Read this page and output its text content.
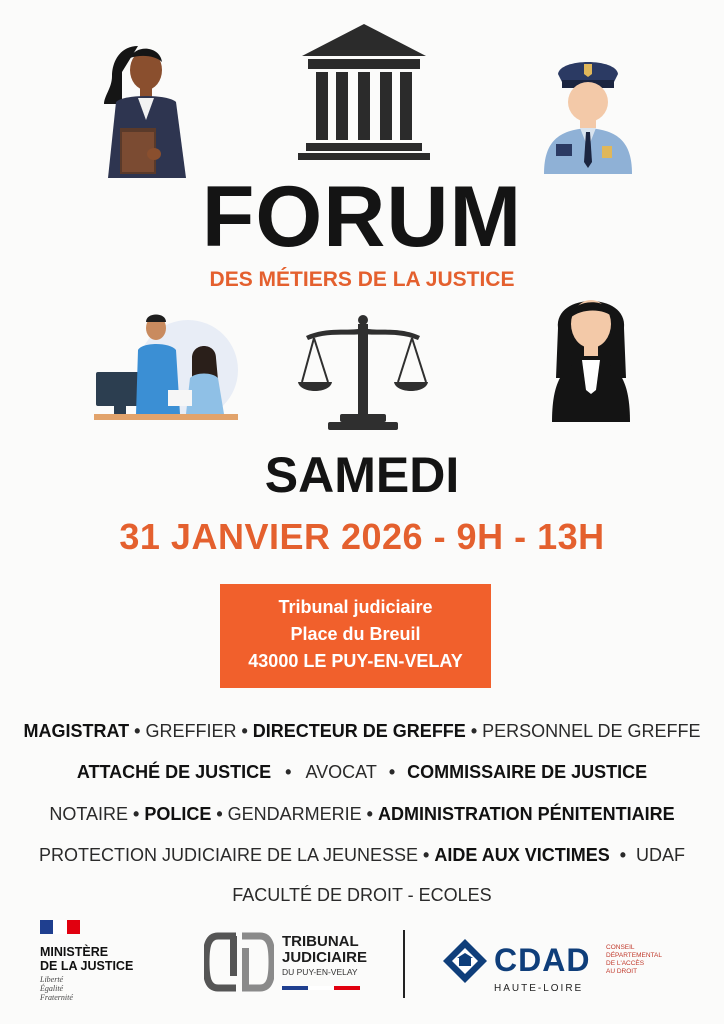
FORUM
DES MÉTIERS DE LA JUSTICE
SAMEDI
31 JANVIER 2026 - 9H - 13H
Tribunal judiciaire
Place du Breuil
43000 LE PUY-EN-VELAY
MAGISTRAT • GREFFIER • DIRECTEUR DE GREFFE • PERSONNEL DE GREFFE
ATTACHÉ DE JUSTICE • AVOCAT • COMMISSAIRE DE JUSTICE
NOTAIRE • POLICE • GENDARMERIE • ADMINISTRATION PÉNITENTIAIRE
PROTECTION JUDICIAIRE DE LA JEUNESSE • AIDE AUX VICTIMES • UDAF
FACULTÉ DE DROIT - ECOLES
MINISTÈRE
DE LA JUSTICE
Liberté
Égalité
Fraternité
TRIBUNAL
JUDICIAIRE
DU PUY-EN-VELAY	CDAD
HAUTE-LOIRE
CONSEIL
DÉPARTEMENTAL
DE L'ACCÈS
AU DROIT
